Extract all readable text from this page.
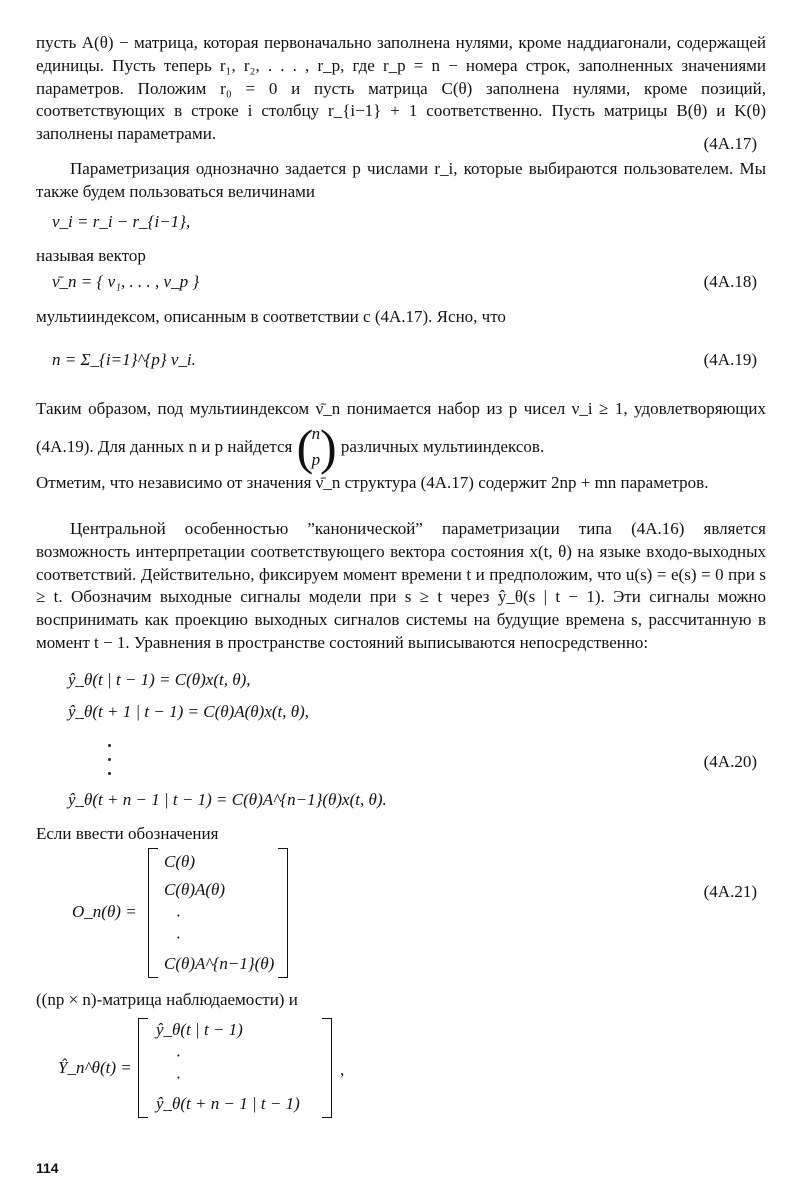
пусть A(θ) − матрица, которая первоначально заполнена нулями, кроме наддиагонали, содержащей единицы. Пусть теперь r₁, r₂, . . . , r_p, где r_p = n − номера строк, заполненных значениями параметров. Положим r₀ = 0 и пусть матрица C(θ) заполнена нулями, кроме позиций, соответствующих в строке i столбцу r_{i−1} + 1 соответственно. Пусть матрицы B(θ) и K(θ) заполнены параметрами.
(4A.17)
Параметризация однозначно задается p числами r_i, которые выбираются пользователем. Мы также будем пользоваться величинами
ν_i = r_i − r_{i−1},
называя вектор
ν̄_n = { ν₁, . . . , ν_p }	(4A.18)
мультииндексом, описанным в соответствии с (4A.17). Ясно, что
n = Σ_{i=1}^{p} ν_i.	(4A.19)
Таким образом, под мультииндексом ν̄_n понимается набор из p чисел ν_i ≥ 1, удовлетворяющих (4A.19). Для данных n и p найдется (
n
p ) различных мультииндексов.
Отметим, что независимо от значения ν̄_n структура (4A.17) содержит 2np + mn параметров.
Центральной особенностью ”канонической” параметризации типа (4A.16) является возможность интерпретации соответствующего вектора состояния x(t, θ) на языке входо-выходных соответствий. Действительно, фиксируем момент времени t и предположим, что u(s) = e(s) = 0 при s ≥ t. Обозначим выходные сигналы модели при s ≥ t через ŷ_θ(s | t − 1). Эти сигналы можно воспринимать как проекцию выходных сигналов системы на будущие времена s, рассчитанную в момент t − 1. Уравнения в пространстве состояний выписываются непосредственно:
ŷ_θ(t | t − 1) = C(θ)x(t, θ),
ŷ_θ(t + 1 | t − 1) = C(θ)A(θ)x(t, θ),
(4A.20)
ŷ_θ(t + n − 1 | t − 1) = C(θ)A^{n−1}(θ)x(t, θ).
Если ввести обозначения
O_n(θ) =
C(θ)
C(θ)A(θ)
·
·
C(θ)A^{n−1}(θ)
(4A.21)
((np × n)-матрица наблюдаемости) и
Ŷ_n^θ(t) =
ŷ_θ(t | t − 1)
·
·
ŷ_θ(t + n − 1 | t − 1)
,
114
